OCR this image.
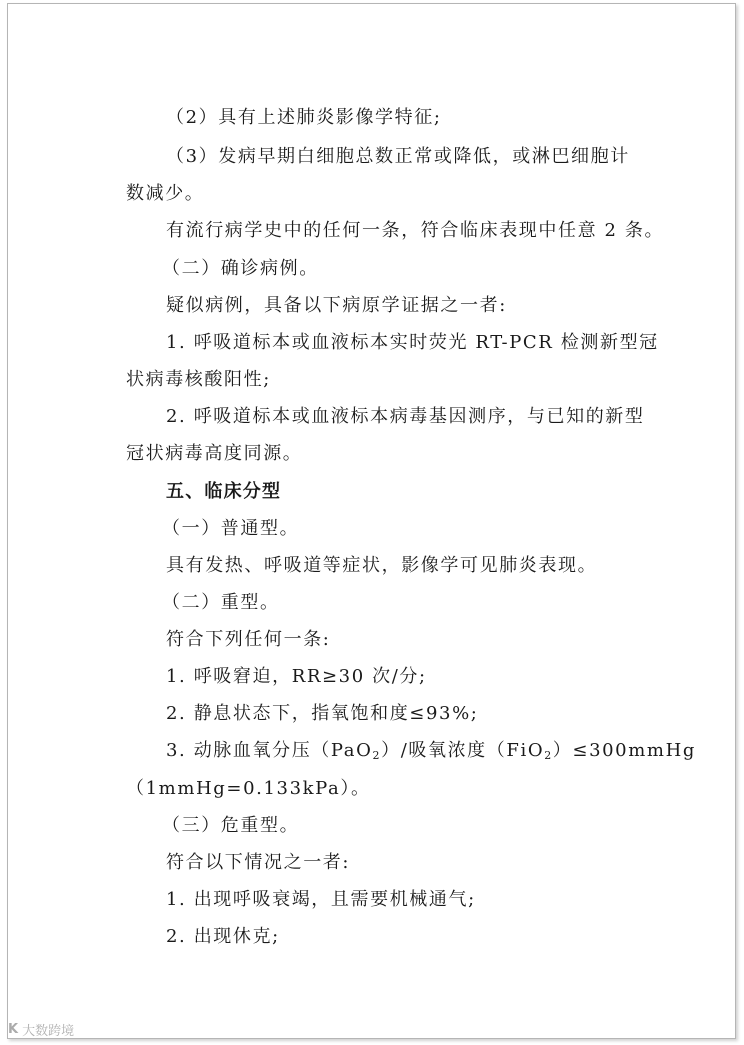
（2）具有上述肺炎影像学特征;
（3）发病早期白细胞总数正常或降低，或淋巴细胞计
数减少。
有流行病学史中的任何一条，符合临床表现中任意 2 条。
（二）确诊病例。
疑似病例，具备以下病原学证据之一者:
1. 呼吸道标本或血液标本实时荧光 RT-PCR 检测新型冠
状病毒核酸阳性;
2. 呼吸道标本或血液标本病毒基因测序，与已知的新型
冠状病毒高度同源。
五、临床分型
（一）普通型。
具有发热、呼吸道等症状，影像学可见肺炎表现。
（二）重型。
符合下列任何一条:
1. 呼吸窘迫，RR≥30 次/分;
2. 静息状态下，指氧饱和度≤93%;
3. 动脉血氧分压（PaO$_2$）/吸氧浓度（FiO$_2$）≤300mmHg
（1mmHg=0.133kPa）。
（三）危重型。
符合以下情况之一者:
1. 出现呼吸衰竭，且需要机械通气;
2. 出现休克;
K 大数跨境
